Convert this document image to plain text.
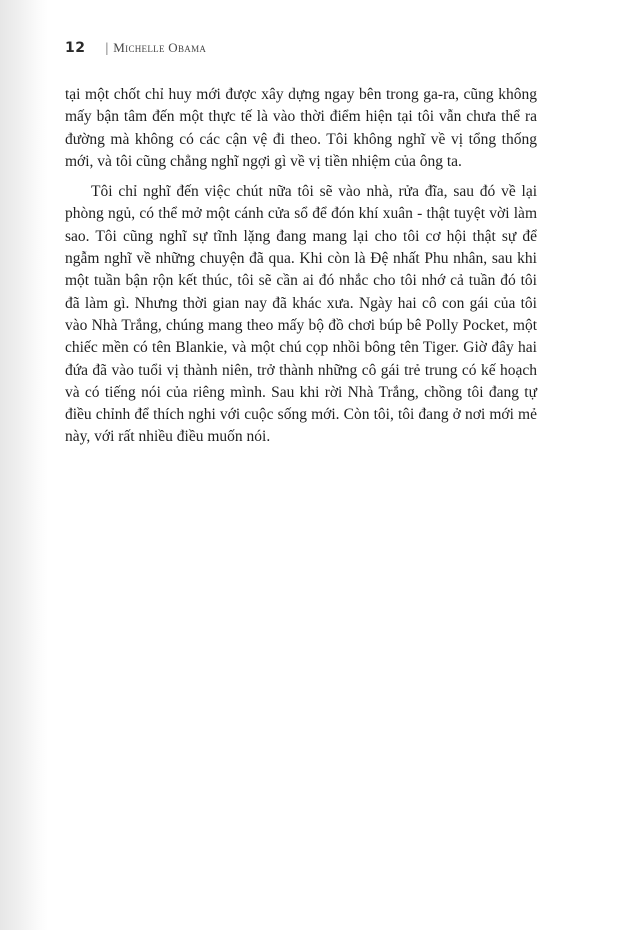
12 | Michelle Obama

tại một chốt chỉ huy mới được xây dựng ngay bên trong ga-ra, cũng không mấy bận tâm đến một thực tế là vào thời điểm hiện tại tôi vẫn chưa thể ra đường mà không có các cận vệ đi theo. Tôi không nghĩ về vị tổng thống mới, và tôi cũng chẳng nghĩ ngợi gì về vị tiền nhiệm của ông ta.

Tôi chỉ nghĩ đến việc chút nữa tôi sẽ vào nhà, rửa đĩa, sau đó về lại phòng ngủ, có thể mở một cánh cửa sổ để đón khí xuân - thật tuyệt vời làm sao. Tôi cũng nghĩ sự tĩnh lặng đang mang lại cho tôi cơ hội thật sự để ngẫm nghĩ về những chuyện đã qua. Khi còn là Đệ nhất Phu nhân, sau khi một tuần bận rộn kết thúc, tôi sẽ cần ai đó nhắc cho tôi nhớ cả tuần đó tôi đã làm gì. Nhưng thời gian nay đã khác xưa. Ngày hai cô con gái của tôi vào Nhà Trắng, chúng mang theo mấy bộ đồ chơi búp bê Polly Pocket, một chiếc mền có tên Blankie, và một chú cọp nhồi bông tên Tiger. Giờ đây hai đứa đã vào tuổi vị thành niên, trở thành những cô gái trẻ trung có kế hoạch và có tiếng nói của riêng mình. Sau khi rời Nhà Trắng, chồng tôi đang tự điều chỉnh để thích nghi với cuộc sống mới. Còn tôi, tôi đang ở nơi mới mẻ này, với rất nhiều điều muốn nói.
